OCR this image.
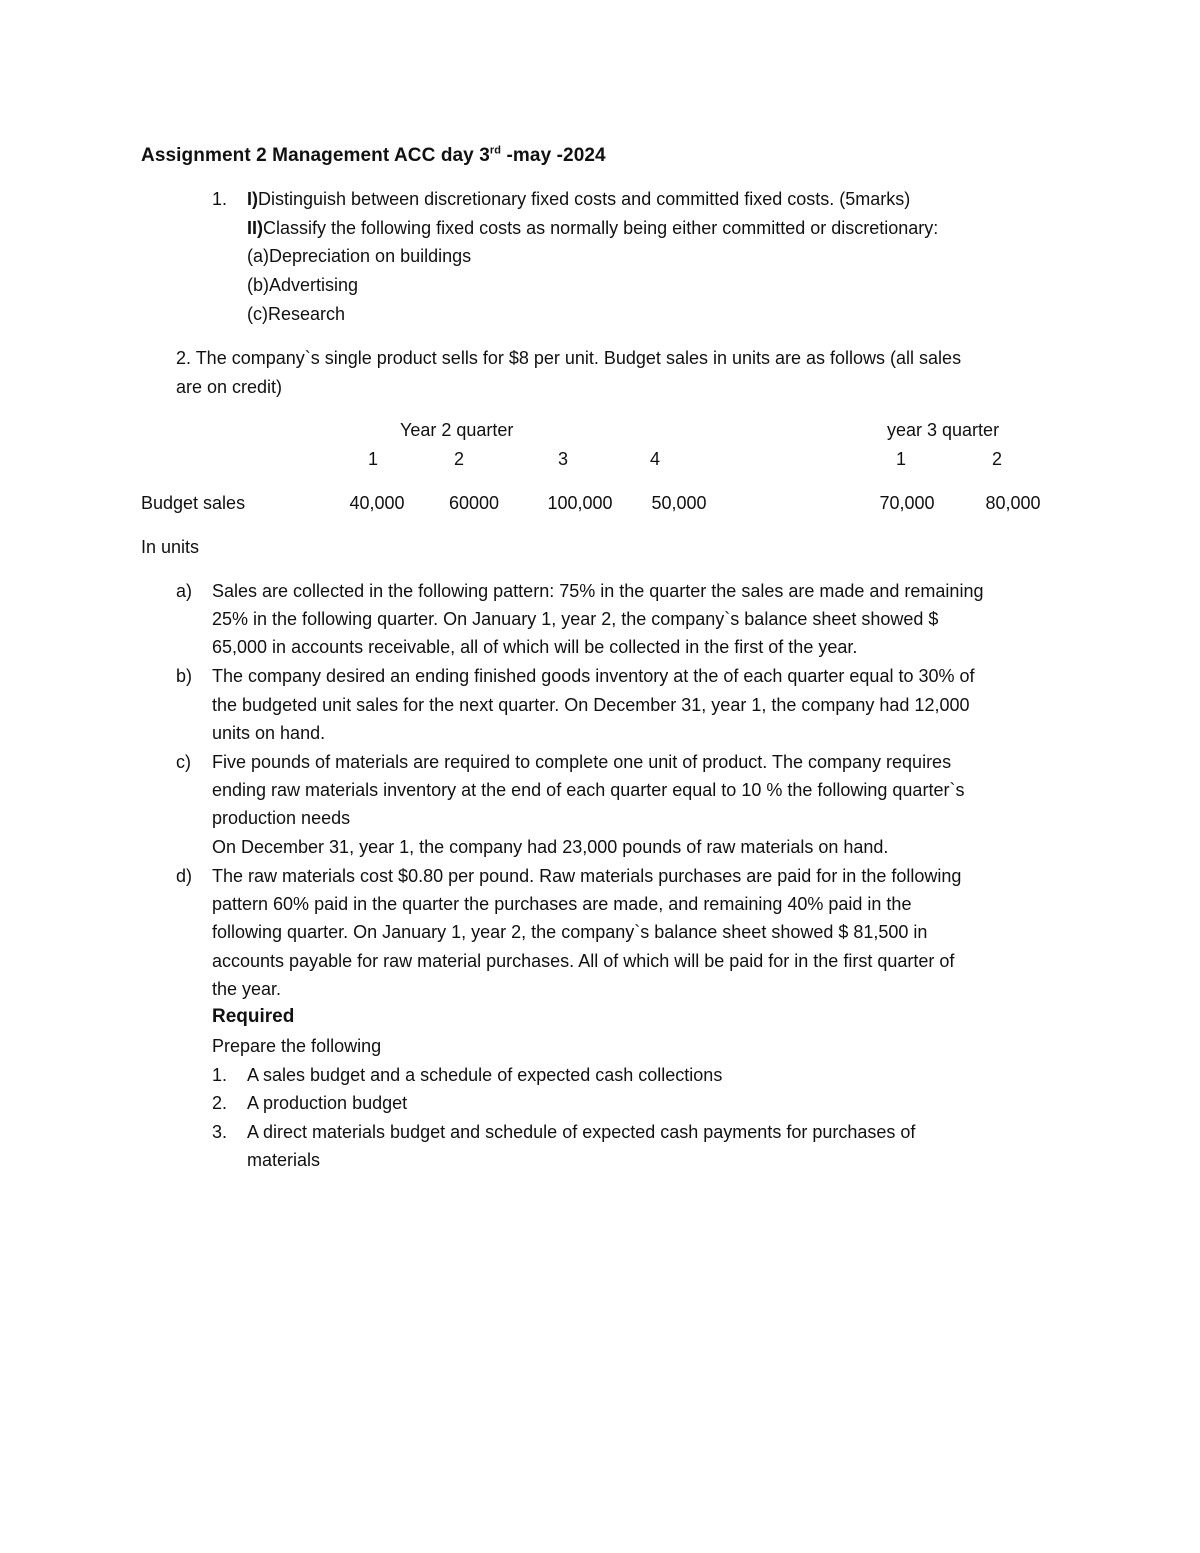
Assignment 2 Management ACC day 3rd -may -2024
1. I)Distinguish between discretionary fixed costs and committed fixed costs. (5marks)
II)Classify the following fixed costs as normally being either committed or discretionary:
(a)Depreciation on buildings
(b)Advertising
(c)Research
2. The company`s single product sells for $8 per unit. Budget sales in units are as follows (all sales
are on credit)
Year 2 quarter	year 3 quarter
1	2	3	4	1	2
Budget sales	40,000	60000	100,000	50,000	70,000	80,000
In units
a) Sales are collected in the following pattern: 75% in the quarter the sales are made and remaining
25% in the following quarter. On January 1, year 2, the company`s balance sheet showed $
65,000 in accounts receivable, all of which will be collected in the first of the year.
b) The company desired an ending finished goods inventory at the of each quarter equal to 30% of
the budgeted unit sales for the next quarter. On December 31, year 1, the company had 12,000
units on hand.
c) Five pounds of materials are required to complete one unit of product. The company requires
ending raw materials inventory at the end of each quarter equal to 10 % the following quarter`s
production needs
On December 31, year 1, the company had 23,000 pounds of raw materials on hand.
d) The raw materials cost $0.80 per pound. Raw materials purchases are paid for in the following
pattern 60% paid in the quarter the purchases are made, and remaining 40% paid in the
following quarter. On January 1, year 2, the company`s balance sheet showed $ 81,500 in
accounts payable for raw material purchases. All of which will be paid for in the first quarter of
the year.
Required
Prepare the following
1. A sales budget and a schedule of expected cash collections
2. A production budget
3. A direct materials budget and schedule of expected cash payments for purchases of
materials
